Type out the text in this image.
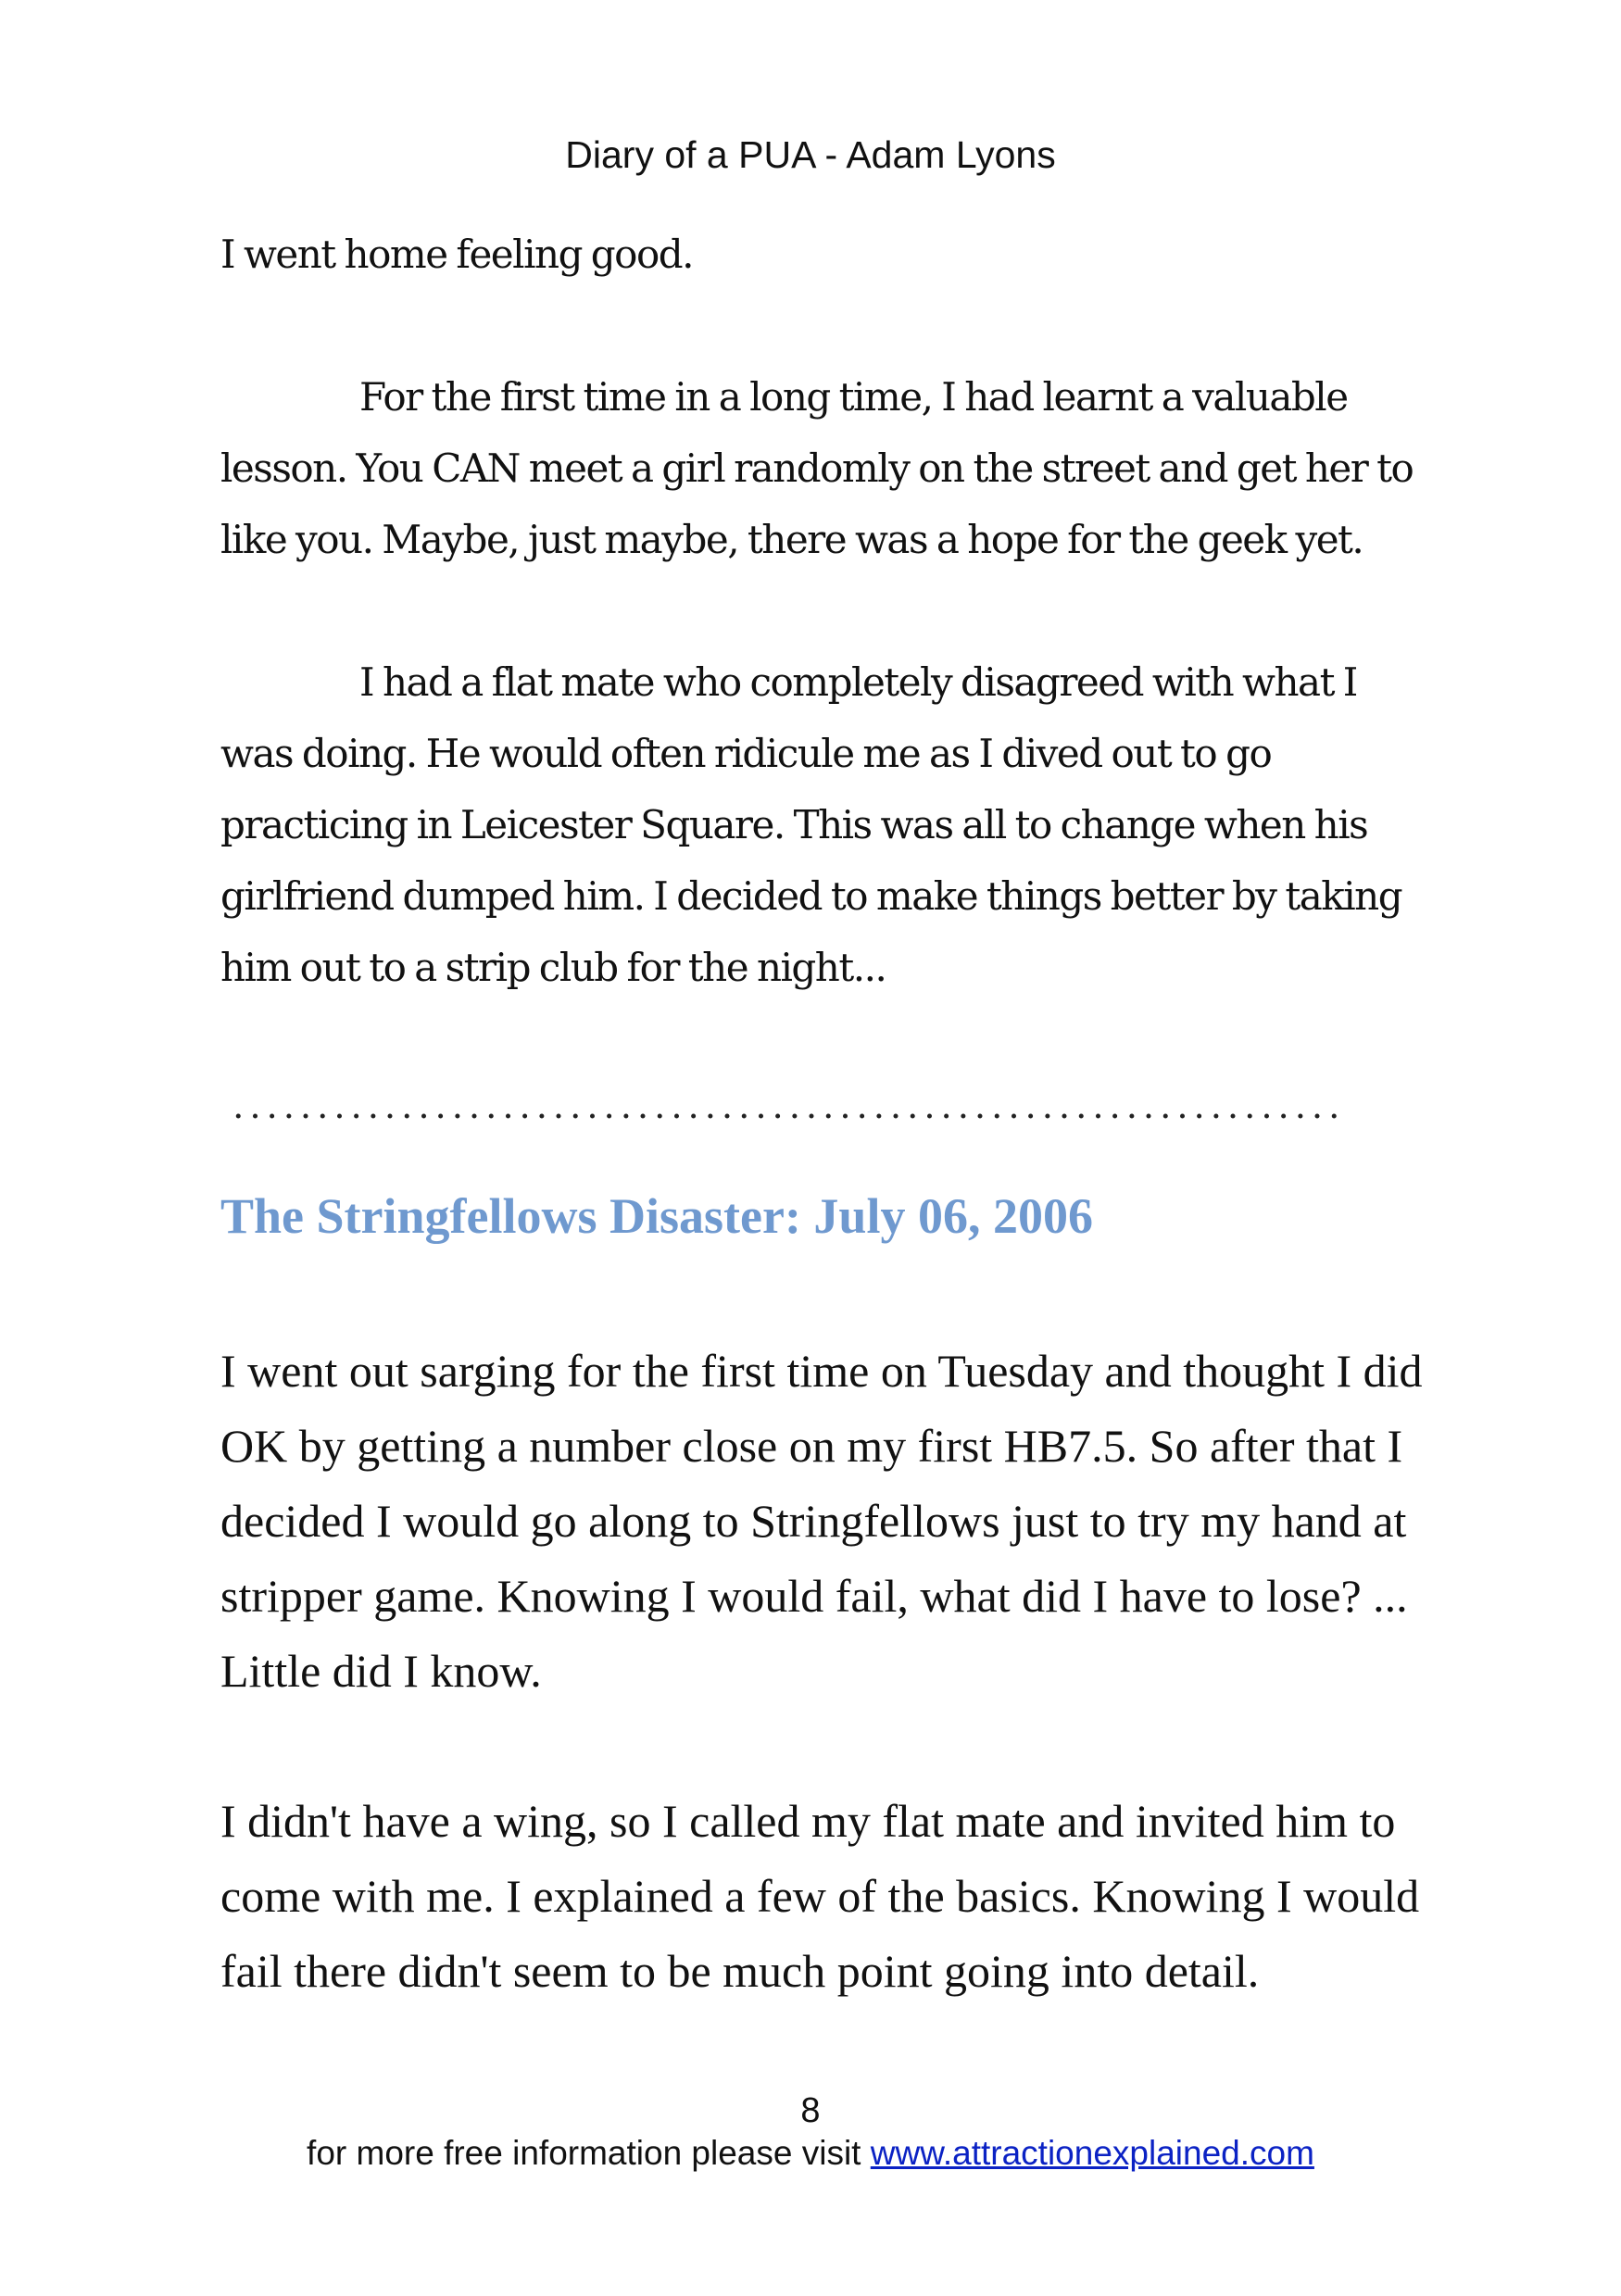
Diary of a PUA - Adam Lyons

I went home feeling good.

For the first time in a long time, I had learnt a valuable lesson. You CAN meet a girl randomly on the street and get her to like you. Maybe, just maybe, there was a hope for the geek yet.

I had a flat mate who completely disagreed with what I was doing. He would often ridicule me as I dived out to go practicing in Leicester Square. This was all to change when his girlfriend dumped him. I decided to make things better by taking him out to a strip club for the night...

..................................................................
The Stringfellows Disaster: July 06, 2006

I went out sarging for the first time on Tuesday and thought I did OK by getting a number close on my first HB7.5. So after that I decided I would go along to Stringfellows just to try my hand at stripper game. Knowing I would fail, what did I have to lose? ... Little did I know.

I didn't have a wing, so I called my flat mate and invited him to come with me. I explained a few of the basics. Knowing I would fail there didn't seem to be much point going into detail.

8
for more free information please visit www.attractionexplained.com
